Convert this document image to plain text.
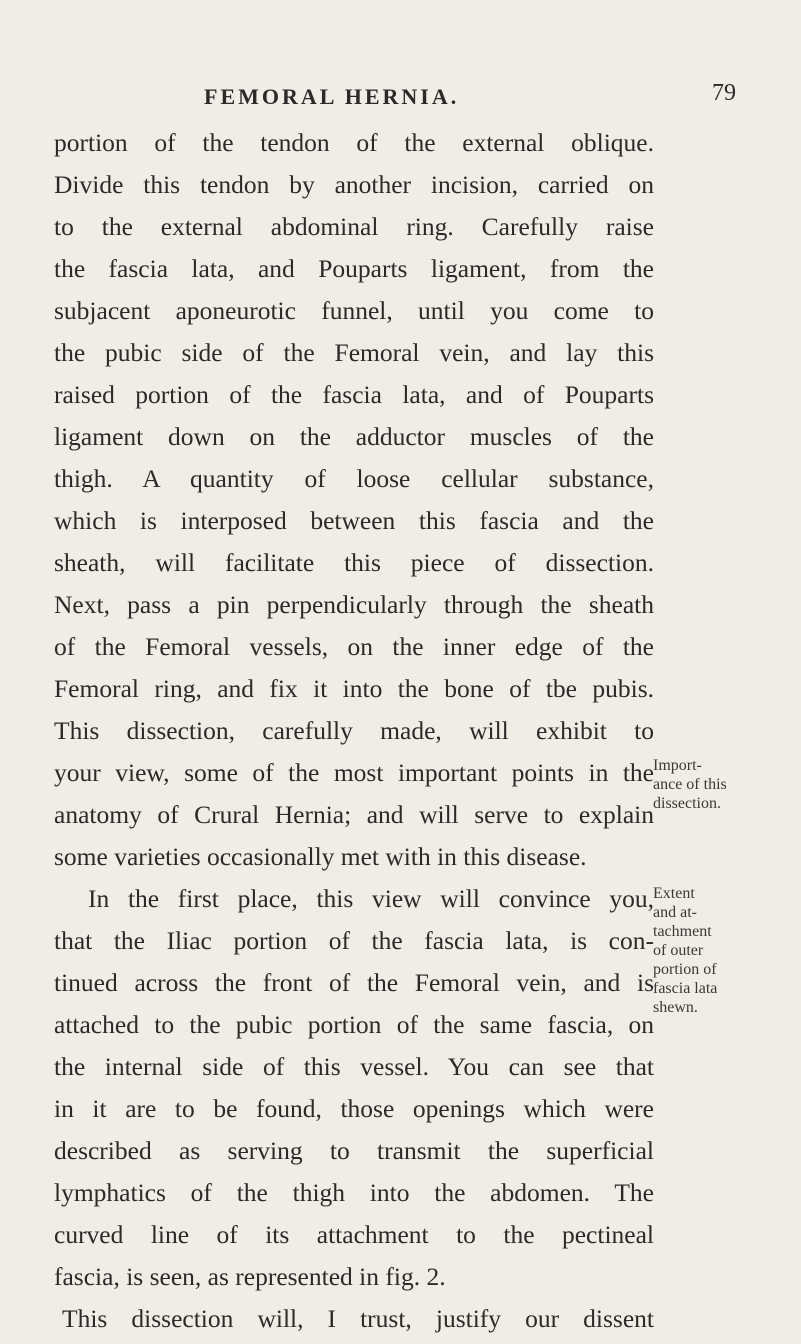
FEMORAL HERNIA.	79
portion of the tendon of the external oblique.
Divide this tendon by another incision, carried on
to the external abdominal ring. Carefully raise
the fascia lata, and Pouparts ligament, from the
subjacent aponeurotic funnel, until you come to
the pubic side of the Femoral vein, and lay this
raised portion of the fascia lata, and of Pouparts
ligament down on the adductor muscles of the
thigh. A quantity of loose cellular substance,
which is interposed between this fascia and the
sheath, will facilitate this piece of dissection.
Next, pass a pin perpendicularly through the sheath
of the Femoral vessels, on the inner edge of the
Femoral ring, and fix it into the bone of tbe pubis.
This dissection, carefully made, will exhibit to
your view, some of the most important points in the
anatomy of Crural Hernia; and will serve to explain
some varieties occasionally met with in this disease.
In the first place, this view will convince you,
that the Iliac portion of the fascia lata, is con-
tinued across the front of the Femoral vein, and is
attached to the pubic portion of the same fascia, on
the internal side of this vessel. You can see that
in it are to be found, those openings which were
described as serving to transmit the superficial
lymphatics of the thigh into the abdomen. The
curved line of its attachment to the pectineal
fascia, is seen, as represented in fig. 2.
This dissection will, I trust, justify our dissent
Import-
ance of this
dissection.
Extent
and at-
tachment
of outer
portion of
fascia lata
shewn.
